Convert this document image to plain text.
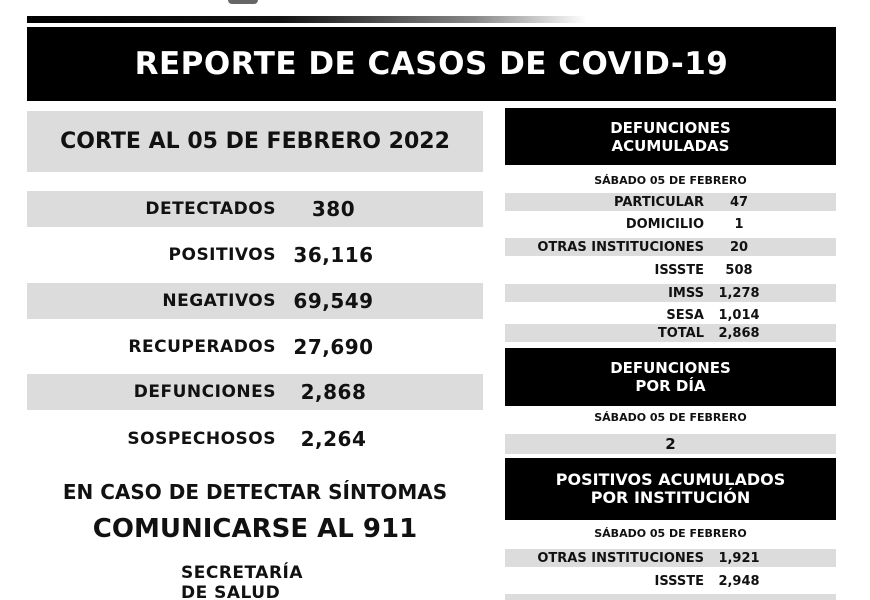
REPORTE DE CASOS DE COVID-19
CORTE AL 05 DE FEBRERO 2022
DETECTADOS	380
POSITIVOS 36,116
NEGATIVOS 69,549
RECUPERADOS 27,690
DEFUNCIONES	2,868
SOSPECHOSOS	2,264
EN CASO DE DETECTAR SÍNTOMAS
COMUNICARSE AL 911
SECRETARÍA
DE SALUD
DEFUNCIONES
ACUMULADAS
SÁBADO 05 DE FEBRERO
PARTICULAR	47
DOMICILIO	1
OTRAS INSTITUCIONES	20
ISSSTE	508
IMSS	1,278
SESA	1,014
TOTAL	2,868
DEFUNCIONES
POR DÍA
SÁBADO 05 DE FEBRERO
2
POSITIVOS ACUMULADOS
POR INSTITUCIÓN
SÁBADO 05 DE FEBRERO
OTRAS INSTITUCIONES	1,921
ISSSTE	2,948
